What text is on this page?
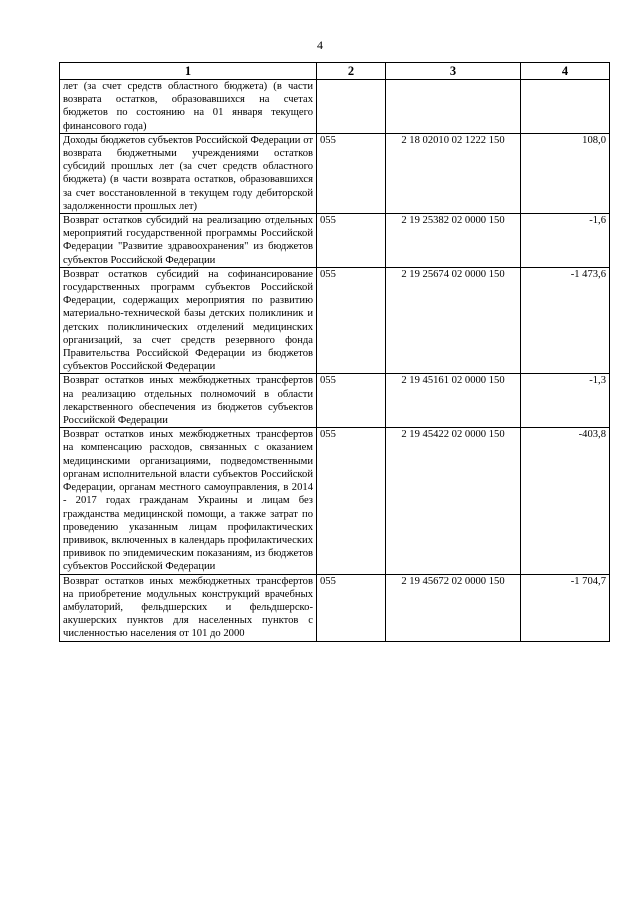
4
1	2	3	4
лет (за счет средств областного бюджета) (в части возврата остатков, образовавшихся на счетах бюджетов по состоянию на 01 января текущего финансового года)			
Доходы бюджетов субъектов Российской Федерации от возврата бюджетными учреждениями остатков субсидий прошлых лет (за счет средств областного бюджета) (в части возврата остатков, образовавшихся за счет восстановленной в текущем году дебиторской задолженности прошлых лет)	055	2 18 02010 02 1222 150	108,0
Возврат остатков субсидий на реализацию отдельных мероприятий государственной программы Российской Федерации "Развитие здравоохранения" из бюджетов субъектов Российской Федерации	055	2 19 25382 02 0000 150	-1,6
Возврат остатков субсидий на софинансирование государственных программ субъектов Российской Федерации, содержащих мероприятия по развитию материально-технической базы детских поликлиник и детских поликлинических отделений медицинских организаций, за счет средств резервного фонда Правительства Российской Федерации из бюджетов субъектов Российской Федерации	055	2 19 25674 02 0000 150	-1 473,6
Возврат остатков иных межбюджетных трансфертов на реализацию отдельных полномочий в области лекарственного обеспечения из бюджетов субъектов Российской Федерации	055	2 19 45161 02 0000 150	-1,3
Возврат остатков иных межбюджетных трансфертов на компенсацию расходов, связанных с оказанием медицинскими организациями, подведомственными органам исполнительной власти субъектов Российской Федерации, органам местного самоуправления, в 2014 - 2017 годах гражданам Украины и лицам без гражданства медицинской помощи, а также затрат по проведению указанным лицам профилактических прививок, включенных в календарь профилактических прививок по эпидемическим показаниям, из бюджетов субъектов Российской Федерации	055	2 19 45422 02 0000 150	-403,8
Возврат остатков иных межбюджетных трансфертов на приобретение модульных конструкций врачебных амбулаторий, фельдшерских и фельдшерско-акушерских пунктов для населенных пунктов с численностью населения от 101 до 2000	055	2 19 45672 02 0000 150	-1 704,7
